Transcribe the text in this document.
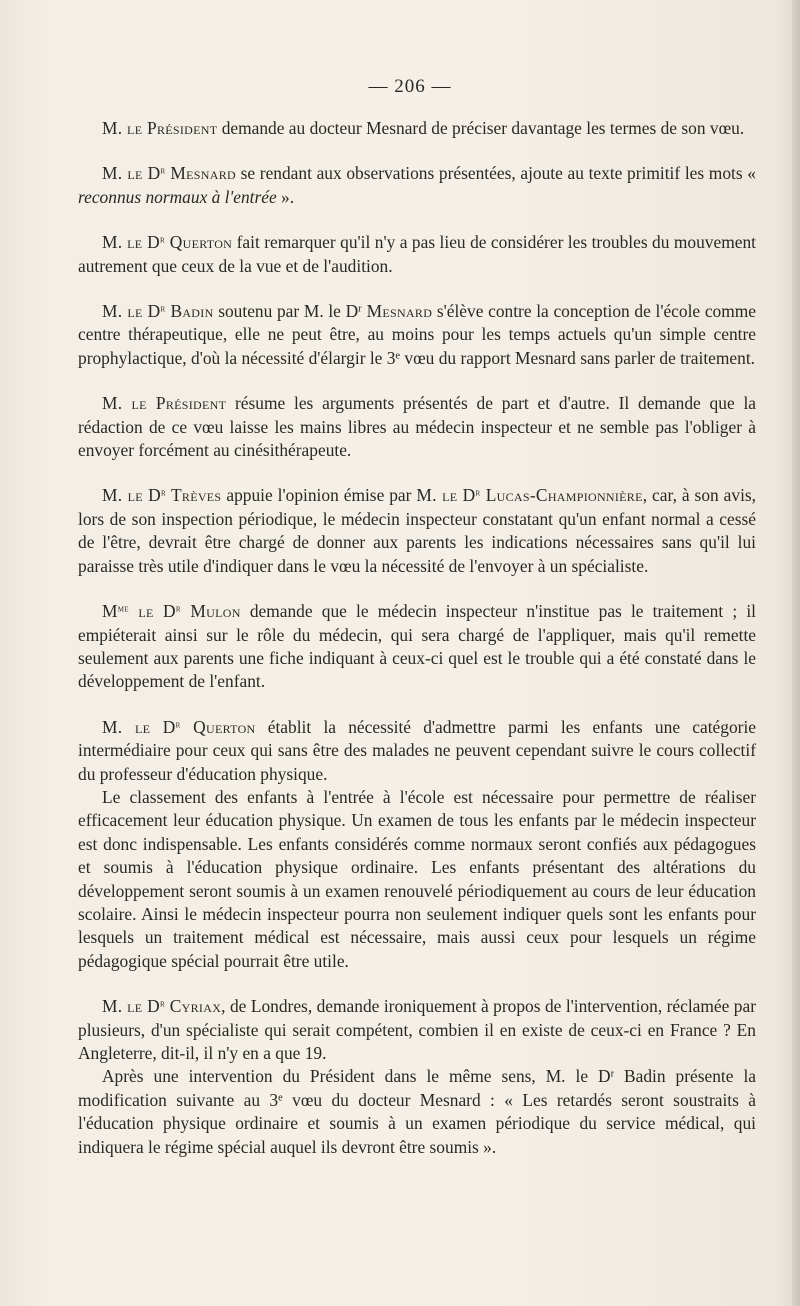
— 206 —

M. le Président demande au docteur Mesnard de préciser davantage les termes de son vœu.

M. le $D^r$ Mesnard se rendant aux observations présentées, ajoute au texte primitif les mots « reconnus normaux à l'entrée ».

M. le $D^r$ Querton fait remarquer qu'il n'y a pas lieu de considérer les troubles du mouvement autrement que ceux de la vue et de l'audition.

M. le $D^r$ Badin soutenu par M. le $D^r$ Mesnard s'élève contre la conception de l'école comme centre thérapeutique, elle ne peut être, au moins pour les temps actuels qu'un simple centre prophylactique, d'où la nécessité d'élargir le 3e vœu du rapport Mesnard sans parler de traitement.

M. le Président résume les arguments présentés de part et d'autre. Il demande que la rédaction de ce vœu laisse les mains libres au médecin inspecteur et ne semble pas l'obliger à envoyer forcément au cinésithérapeute.

M. le $D^r$ Trèves appuie l'opinion émise par M. le $D^r$ Lucas-Championnière, car, à son avis, lors de son inspection périodique, le médecin inspecteur constatant qu'un enfant normal a cessé de l'être, devrait être chargé de donner aux parents les indications nécessaires sans qu'il lui paraisse très utile d'indiquer dans le vœu la nécessité de l'envoyer à un spécialiste.

$M^{me}$ le $D^r$ Mulon demande que le médecin inspecteur n'institue pas le traitement ; il empiéterait ainsi sur le rôle du médecin, qui sera chargé de l'appliquer, mais qu'il remette seulement aux parents une fiche indiquant à ceux-ci quel est le trouble qui a été constaté dans le développement de l'enfant.

M. le $D^r$ Querton établit la nécessité d'admettre parmi les enfants une catégorie intermédiaire pour ceux qui sans être des malades ne peuvent cependant suivre le cours collectif du professeur d'éducation physique.

Le classement des enfants à l'entrée à l'école est nécessaire pour permettre de réaliser efficacement leur éducation physique. Un examen de tous les enfants par le médecin inspecteur est donc indispensable. Les enfants considérés comme normaux seront confiés aux pédagogues et soumis à l'éducation physique ordinaire. Les enfants présentant des altérations du développement seront soumis à un examen renouvelé périodiquement au cours de leur éducation scolaire. Ainsi le médecin inspecteur pourra non seulement indiquer quels sont les enfants pour lesquels un traitement médical est nécessaire, mais aussi ceux pour lesquels un régime pédagogique spécial pourrait être utile.

M. le $D^r$ Cyriax, de Londres, demande ironiquement à propos de l'intervention, réclamée par plusieurs, d'un spécialiste qui serait compétent, combien il en existe de ceux-ci en France ? En Angleterre, dit-il, il n'y en a que 19.

Après une intervention du Président dans le même sens, M. le $D^r$ Badin présente la modification suivante au 3e vœu du docteur Mesnard : « Les retardés seront soustraits à l'éducation physique ordinaire et soumis à un examen périodique du service médical, qui indiquera le régime spécial auquel ils devront être soumis ».
